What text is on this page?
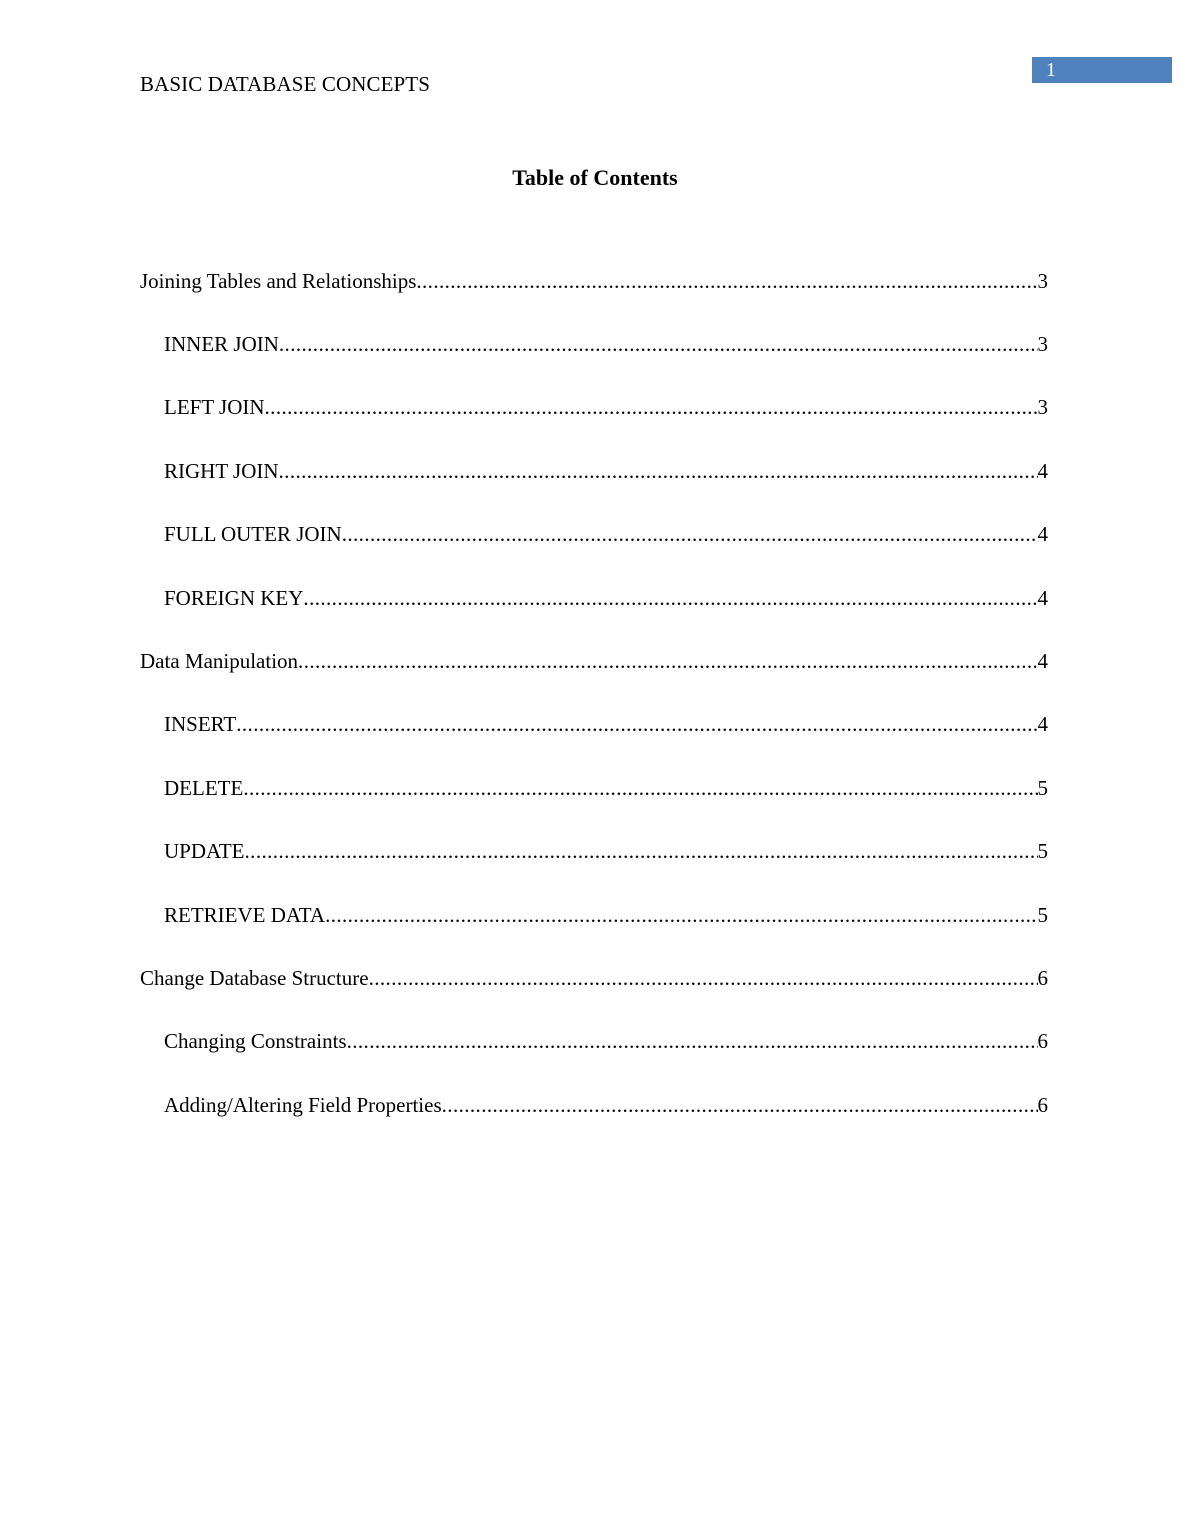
BASIC DATABASE CONCEPTS
1
Table of Contents
Joining Tables and Relationships .....	3
INNER JOIN .....	3
LEFT JOIN .....	3
RIGHT JOIN .....	4
FULL OUTER JOIN .....	4
FOREIGN KEY .....	4
Data Manipulation .....	4
INSERT .....	4
DELETE .....	5
UPDATE .....	5
RETRIEVE DATA .....	5
Change Database Structure .....	6
Changing Constraints .....	6
Adding/Altering Field Properties .....	6
